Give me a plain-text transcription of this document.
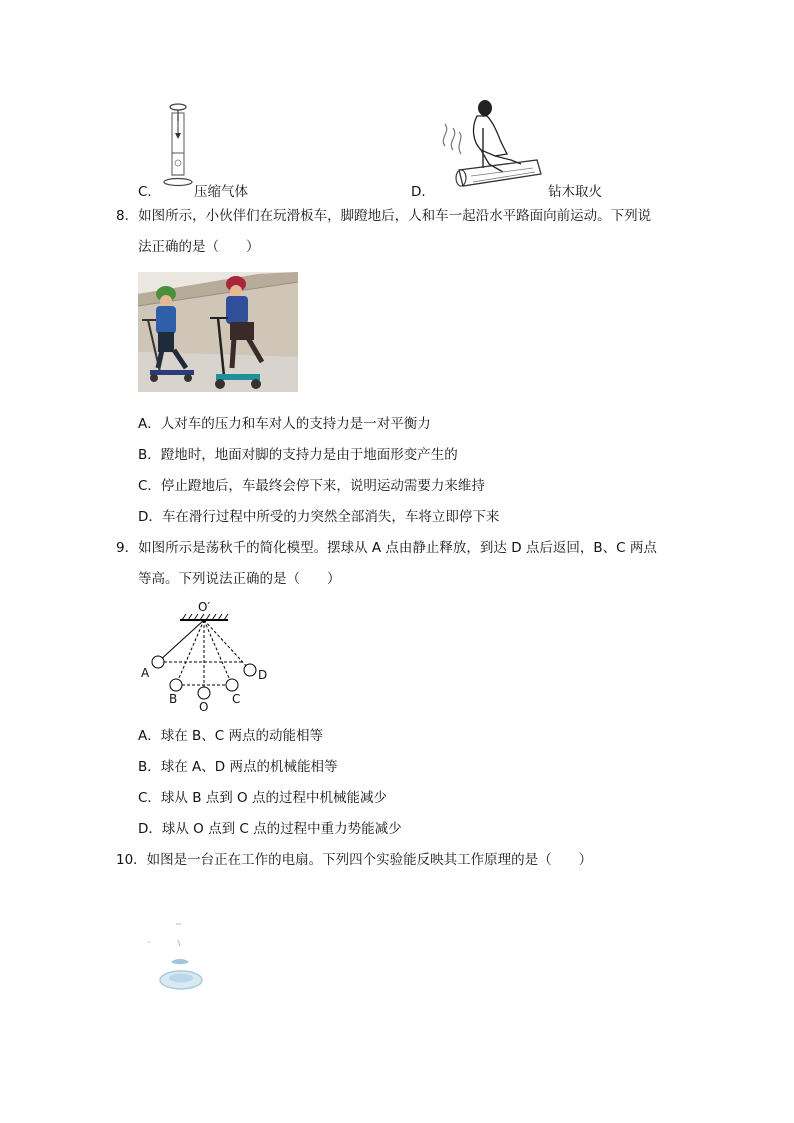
C． 压缩气体	D．	钻木取火
8．如图所示，小伙伴们在玩滑板车，脚蹬地后，人和车一起沿水平路面向前运动。下列说
法正确的是（　　）
A．人对车的压力和车对人的支持力是一对平衡力
B．蹬地时，地面对脚的支持力是由于地面形变产生的
C．停止蹬地后，车最终会停下来，说明运动需要力来维持
D．车在滑行过程中所受的力突然全部消失，车将立即停下来
9．如图所示是荡秋千的简化模型。摆球从 A 点由静止释放，到达 D 点后返回，B、C 两点
等高。下列说法正确的是（　　）
O′
A
B
O
C
D
A．球在 B、C 两点的动能相等
B．球在 A、D 两点的机械能相等
C．球从 B 点到 O 点的过程中机械能减少
D．球从 O 点到 C 点的过程中重力势能减少
10．如图是一台正在工作的电扇。下列四个实验能反映其工作原理的是（　　）
